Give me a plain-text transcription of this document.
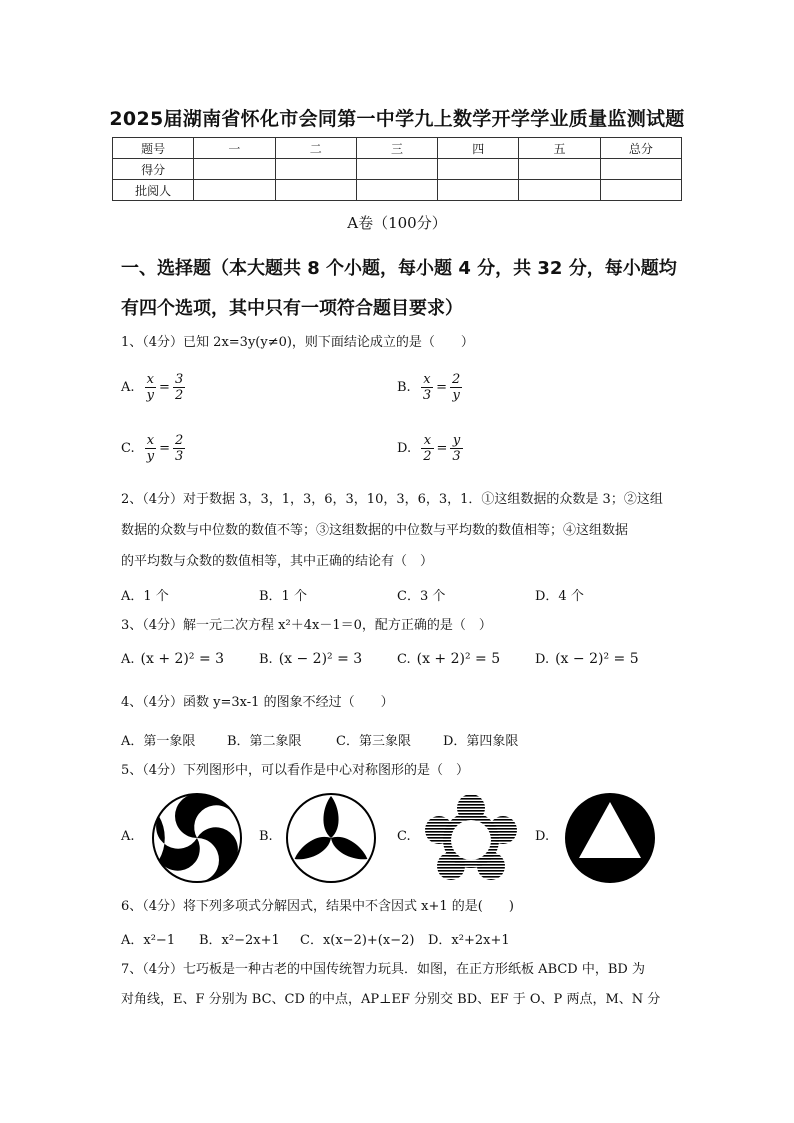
2025届湖南省怀化市会同第一中学九上数学开学学业质量监测试题
题号	一	二	三	四	五	总分
得分						
批阅人						
A卷（100分）
一、选择题（本大题共 8 个小题，每小题 4 分，共 32 分，每小题均
有四个选项，其中只有一项符合题目要求）
1、（4分）已知 2x=3y(y≠0)，则下面结论成立的是（　　）
A. $\frac{x}{y} = \frac{3}{2}$	B. $\frac{x}{3} = \frac{2}{y}$
C. $\frac{x}{y} = \frac{2}{3}$	D. $\frac{x}{2} = \frac{y}{3}$
2、（4分）对于数据 3，3，1，3，6，3，10，3，6，3，1．①这组数据的众数是 3；②这组
数据的众数与中位数的数值不等；③这组数据的中位数与平均数的数值相等；④这组数据
的平均数与众数的数值相等，其中正确的结论有（　）
A．1 个	B．1 个	C．3 个	D．4 个
3、（4分）解一元二次方程 x²＋4x－1＝0，配方正确的是（　）
A. (x + 2)² = 3	B. (x − 2)² = 3	C. (x + 2)² = 5	D. (x − 2)² = 5
4、（4分）函数 y=3x-1 的图象不经过（　　）
A．第一象限 B．第二象限	C．第三象限 D．第四象限
5、（4分）下列图形中，可以看作是中心对称图形的是（　）
A.	B.	C.	D.
6、（4分）将下列多项式分解因式，结果中不含因式 x+1 的是(　　)
A．x²−1 B．x²−2x+1 C．x(x−2)+(x−2) D．x²+2x+1
7、（4分）七巧板是一种古老的中国传统智力玩具．如图，在正方形纸板 ABCD 中，BD 为
对角线，E、F 分别为 BC、CD 的中点，AP⊥EF 分别交 BD、EF 于 O、P 两点，M、N 分
